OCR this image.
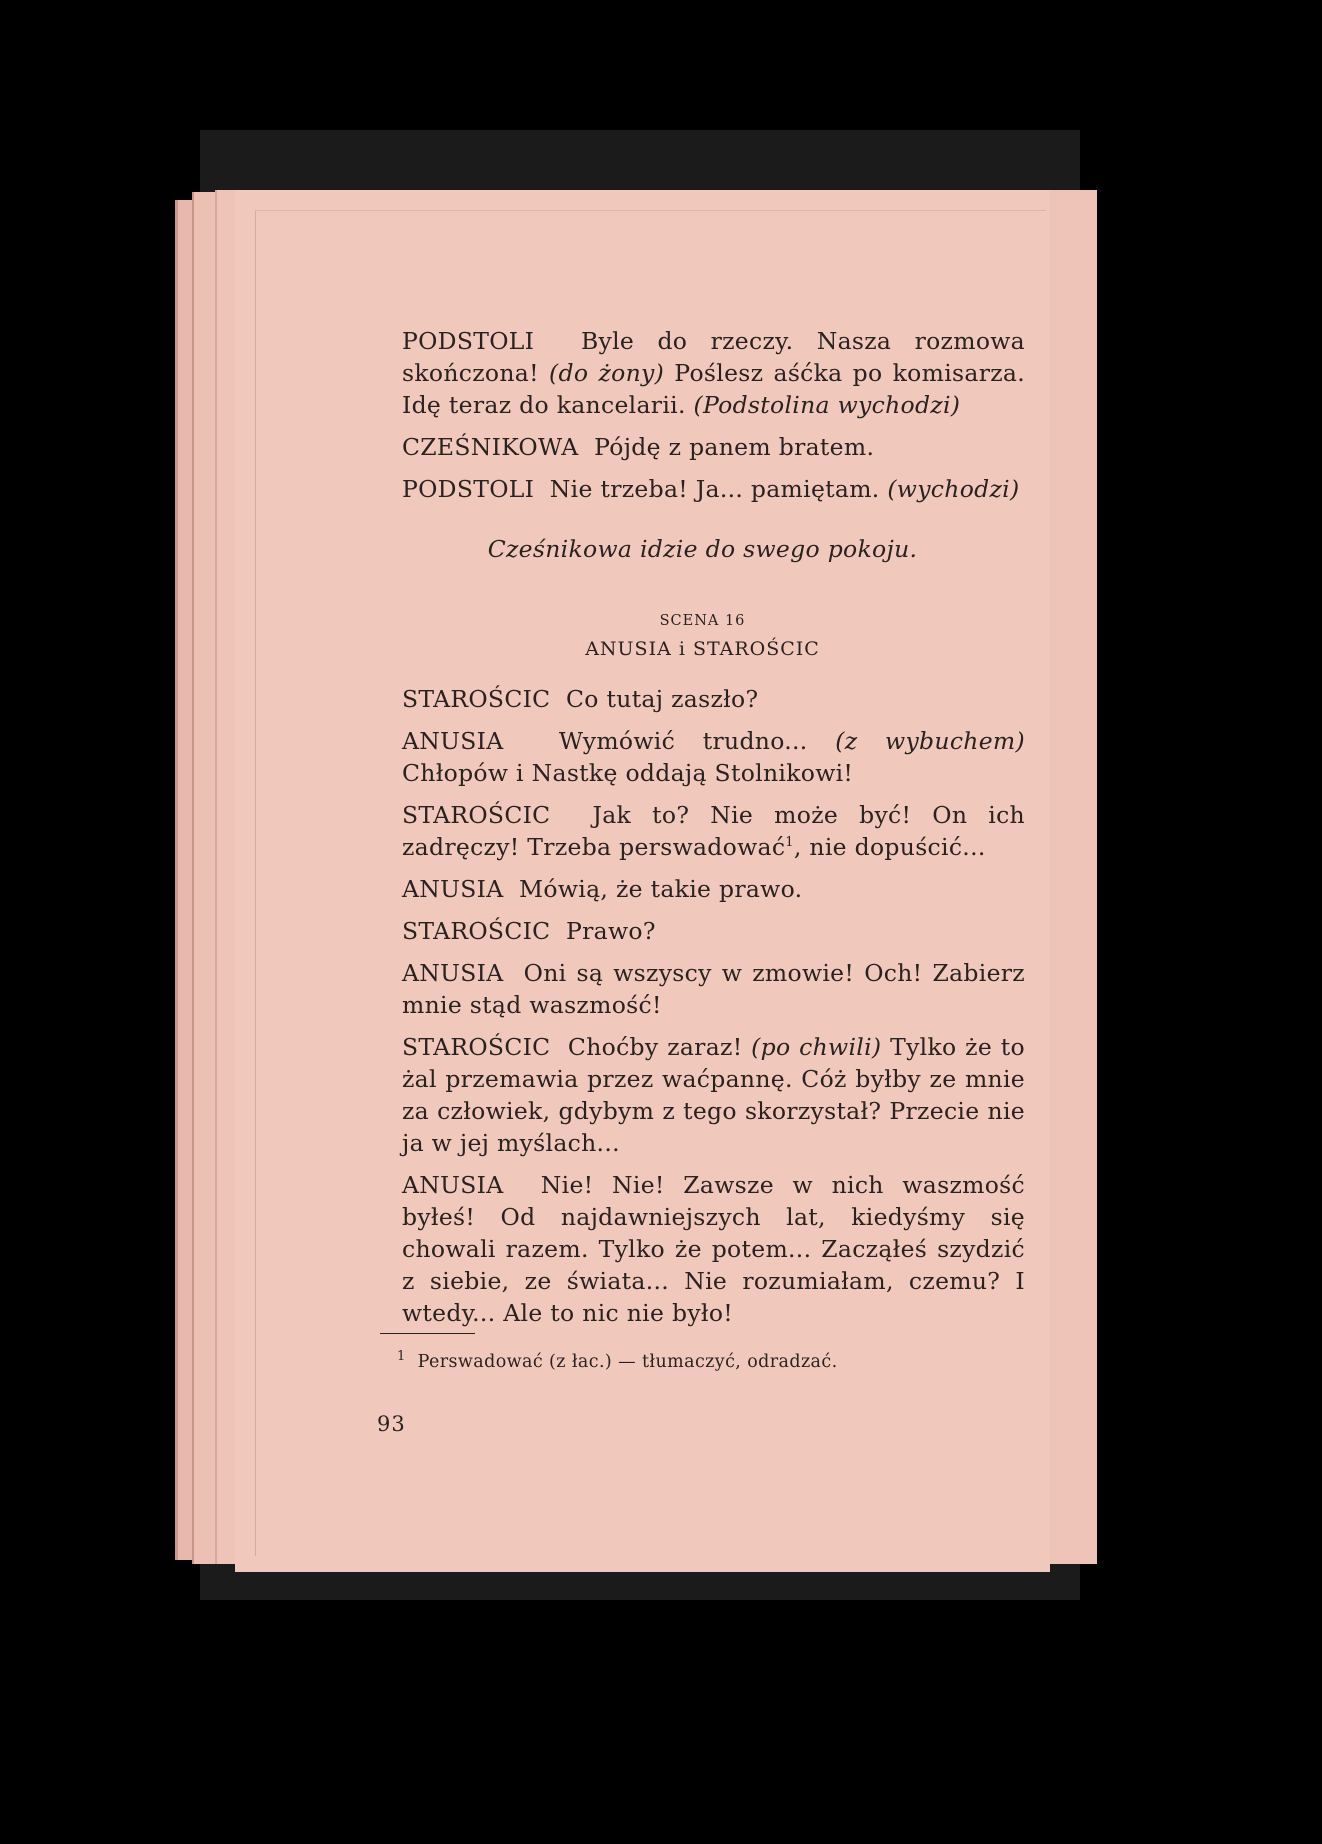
PODSTOLI Byle do rzeczy. Nasza rozmowa skończona! (do żony) Poślesz aśćka po komisarza. Idę teraz do kancelarii. (Podstolina wychodzi)
CZEŚNIKOWA Pójdę z panem bratem.
PODSTOLI Nie trzeba! Ja... pamiętam. (wychodzi)
Cześnikowa idzie do swego pokoju.
SCENA 16
ANUSIA i STAROŚCIC
STAROŚCIC Co tutaj zaszło?
ANUSIA Wymówić trudno... (z wybuchem) Chłopów i Nastkę oddają Stolnikowi!
STAROŚCIC Jak to? Nie może być! On ich zadręczy! Trzeba perswadować$^1$, nie dopuścić...
ANUSIA Mówią, że takie prawo.
STAROŚCIC Prawo?
ANUSIA Oni są wszyscy w zmowie! Och! Zabierz mnie stąd waszmość!
STAROŚCIC Choćby zaraz! (po chwili) Tylko że to żal przemawia przez waćpannę. Cóż byłby ze mnie za człowiek, gdybym z tego skorzystał? Przecie nie ja w jej myślach...
ANUSIA Nie! Nie! Zawsze w nich waszmość byłeś! Od najdawniejszych lat, kiedyśmy się chowali razem. Tylko że potem... Zacząłeś szydzić z siebie, ze świata... Nie rozumiałam, czemu? I wtedy... Ale to nic nie było!
$^1$ Perswadować (z łac.) — tłumaczyć, odradzać.
93
